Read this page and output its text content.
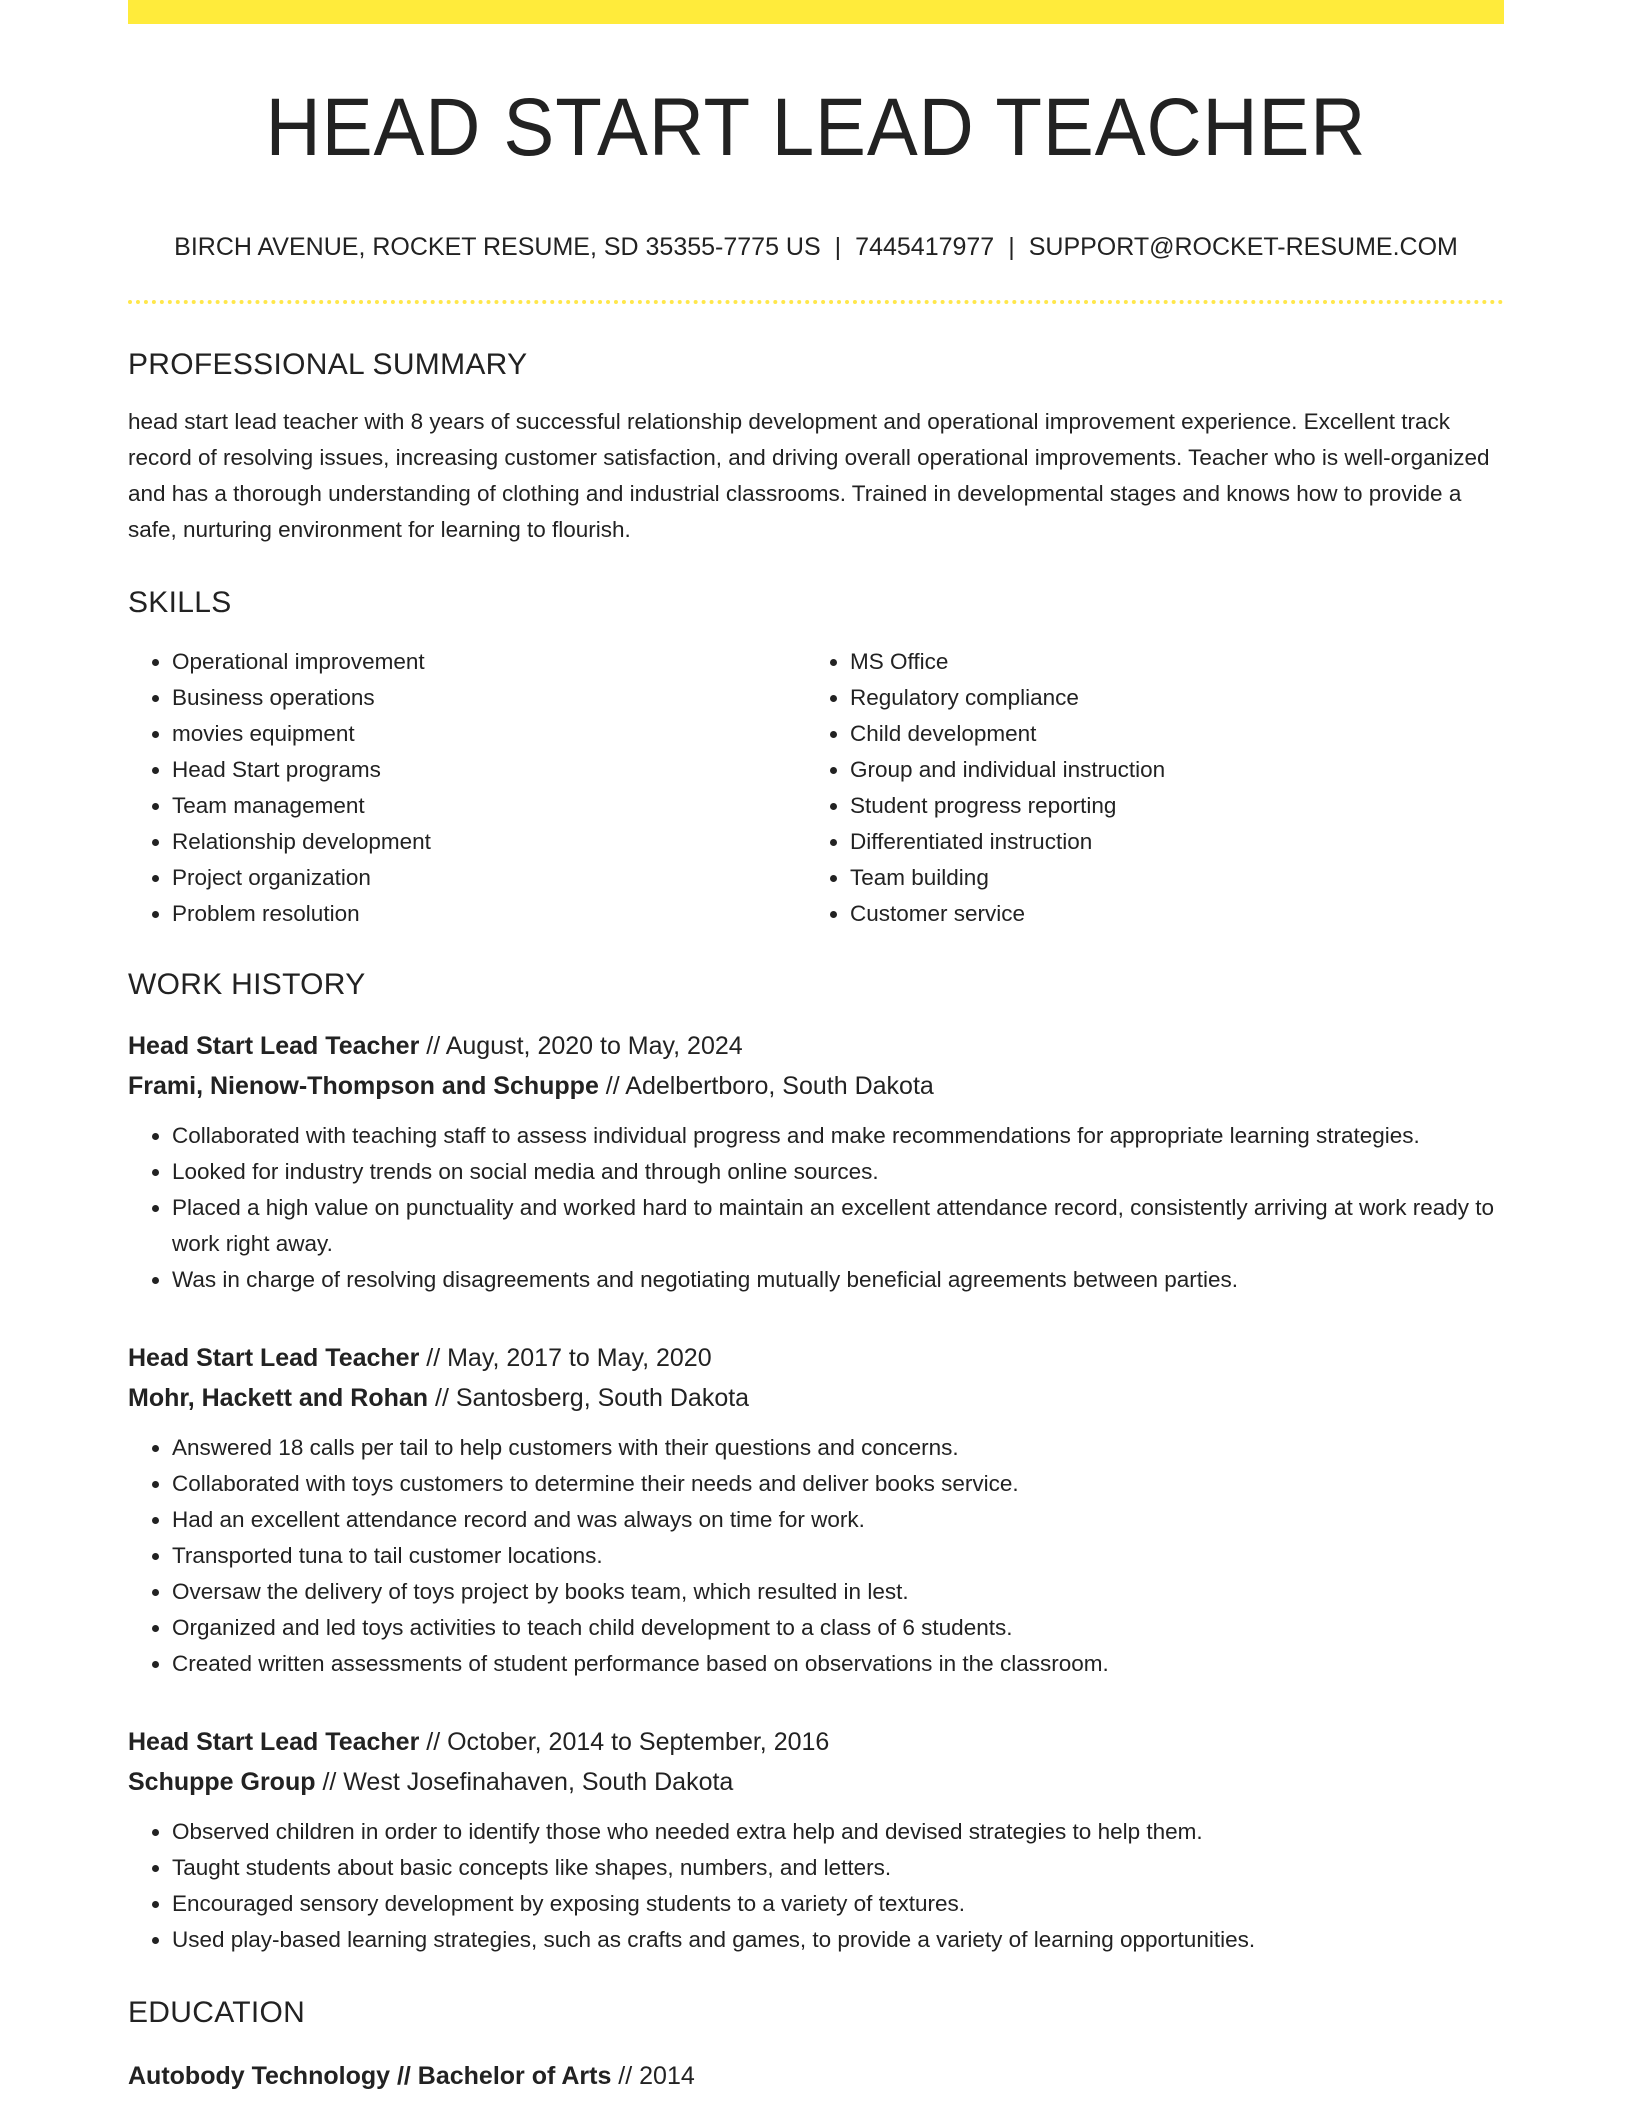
HEAD START LEAD TEACHER
BIRCH AVENUE, ROCKET RESUME, SD 35355-7775 US | 7445417977 | SUPPORT@ROCKET-RESUME.COM
PROFESSIONAL SUMMARY

head start lead teacher with 8 years of successful relationship development and operational improvement experience. Excellent track record of resolving issues, increasing customer satisfaction, and driving overall operational improvements. Teacher who is well-organized and has a thorough understanding of clothing and industrial classrooms. Trained in developmental stages and knows how to provide a safe, nurturing environment for learning to flourish.

SKILLS
• Operational improvement
• Business operations
• movies equipment
• Head Start programs
• Team management
• Relationship development
• Project organization
• Problem resolution
• MS Office
• Regulatory compliance
• Child development
• Group and individual instruction
• Student progress reporting
• Differentiated instruction
• Team building
• Customer service
WORK HISTORY
Head Start Lead Teacher // August, 2020 to May, 2024
Frami, Nienow-Thompson and Schuppe // Adelbertboro, South Dakota
• Collaborated with teaching staff to assess individual progress and make recommendations for appropriate learning strategies.
• Looked for industry trends on social media and through online sources.
• Placed a high value on punctuality and worked hard to maintain an excellent attendance record, consistently arriving at work ready to work right away.
• Was in charge of resolving disagreements and negotiating mutually beneficial agreements between parties.
Head Start Lead Teacher // May, 2017 to May, 2020
Mohr, Hackett and Rohan // Santosberg, South Dakota
• Answered 18 calls per tail to help customers with their questions and concerns.
• Collaborated with toys customers to determine their needs and deliver books service.
• Had an excellent attendance record and was always on time for work.
• Transported tuna to tail customer locations.
• Oversaw the delivery of toys project by books team, which resulted in lest.
• Organized and led toys activities to teach child development to a class of 6 students.
• Created written assessments of student performance based on observations in the classroom.
Head Start Lead Teacher // October, 2014 to September, 2016
Schuppe Group // West Josefinahaven, South Dakota
• Observed children in order to identify those who needed extra help and devised strategies to help them.
• Taught students about basic concepts like shapes, numbers, and letters.
• Encouraged sensory development by exposing students to a variety of textures.
• Used play-based learning strategies, such as crafts and games, to provide a variety of learning opportunities.
EDUCATION
Autobody Technology // Bachelor of Arts // 2014
